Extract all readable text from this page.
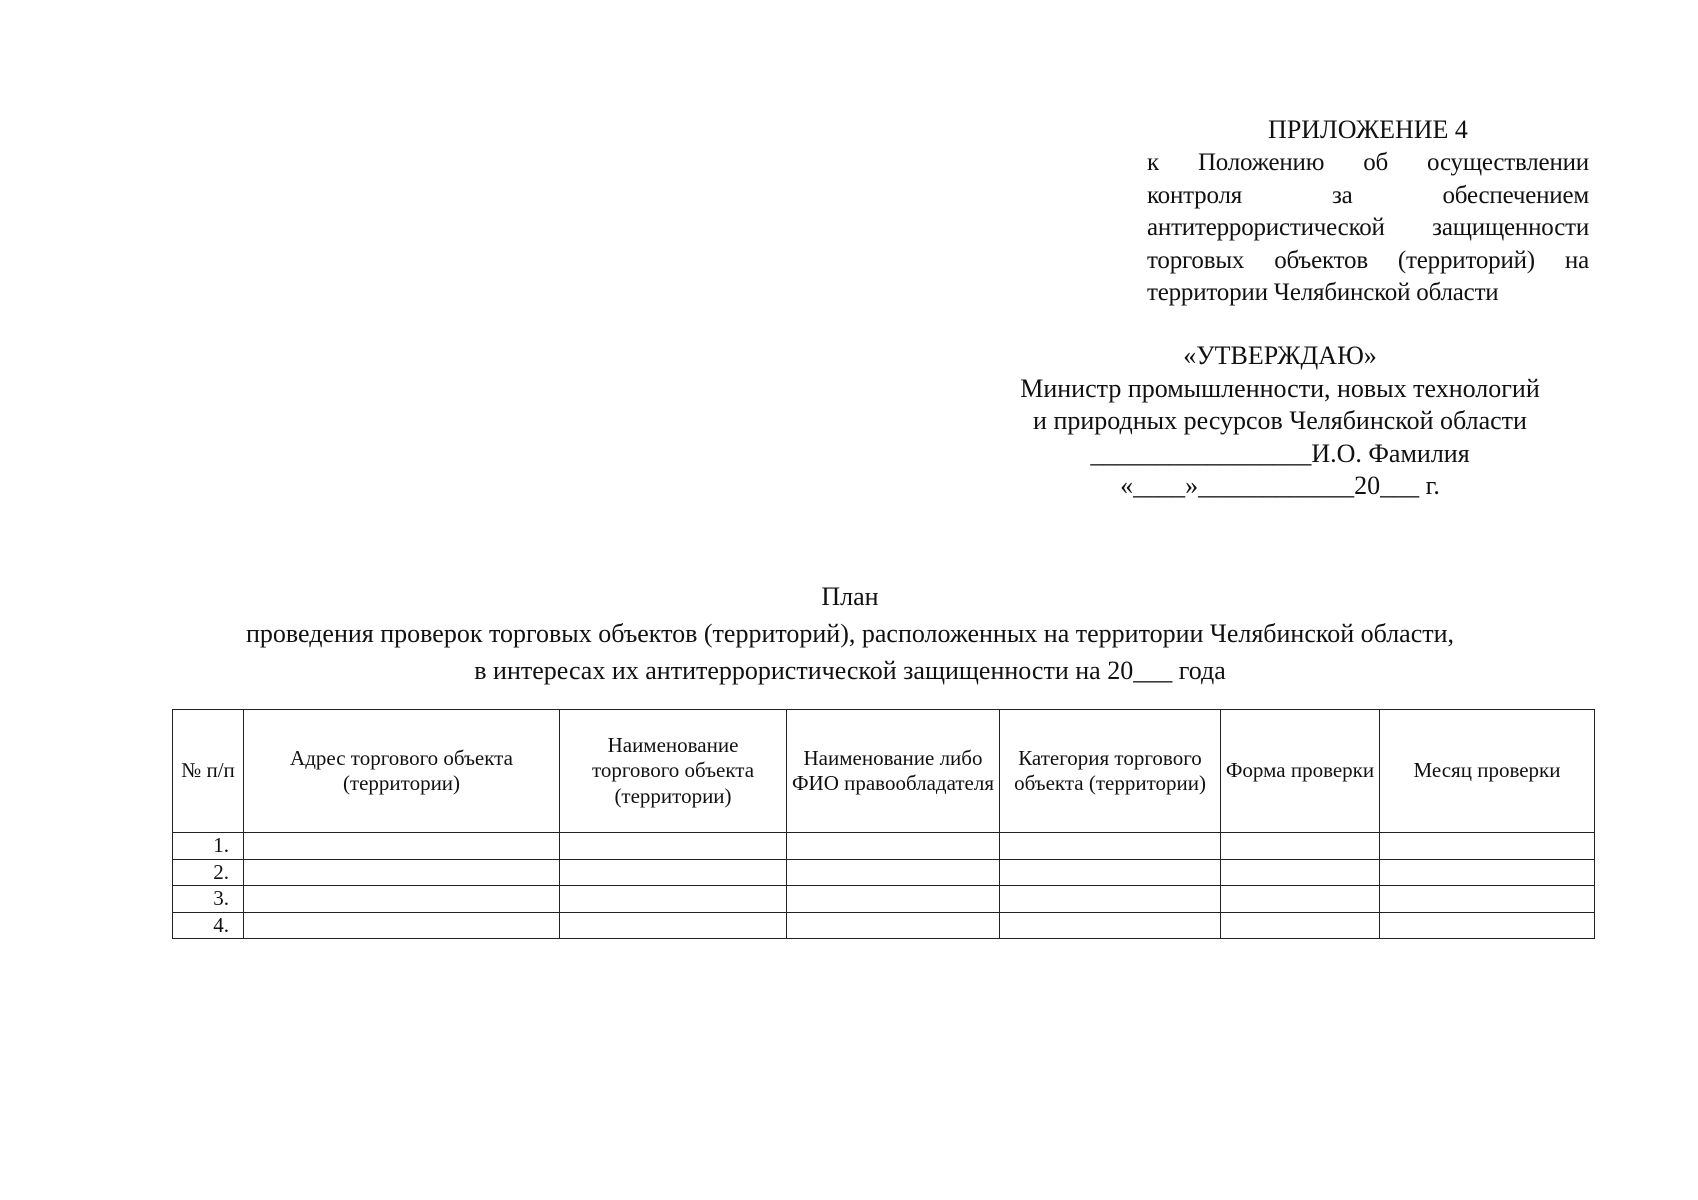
ПРИЛОЖЕНИЕ 4
к Положению об осуществлении контроля за обеспечением антитеррористической защищенности торговых объектов (территорий) на территории Челябинской области
«УТВЕРЖДАЮ»
Министр промышленности, новых технологий
и природных ресурсов Челябинской области
_________________И.О. Фамилия
«____»____________20___ г.
План
проведения проверок торговых объектов (территорий), расположенных на территории Челябинской области,
в интересах их антитеррористической защищенности на 20___ года
№ п/п	Адрес торгового объекта (территории)	Наименование торгового объекта (территории)	Наименование либо ФИО правообладателя	Категория торгового объекта (территории)	Форма проверки	Месяц проверки
1.						
2.						
3.						
4.						
